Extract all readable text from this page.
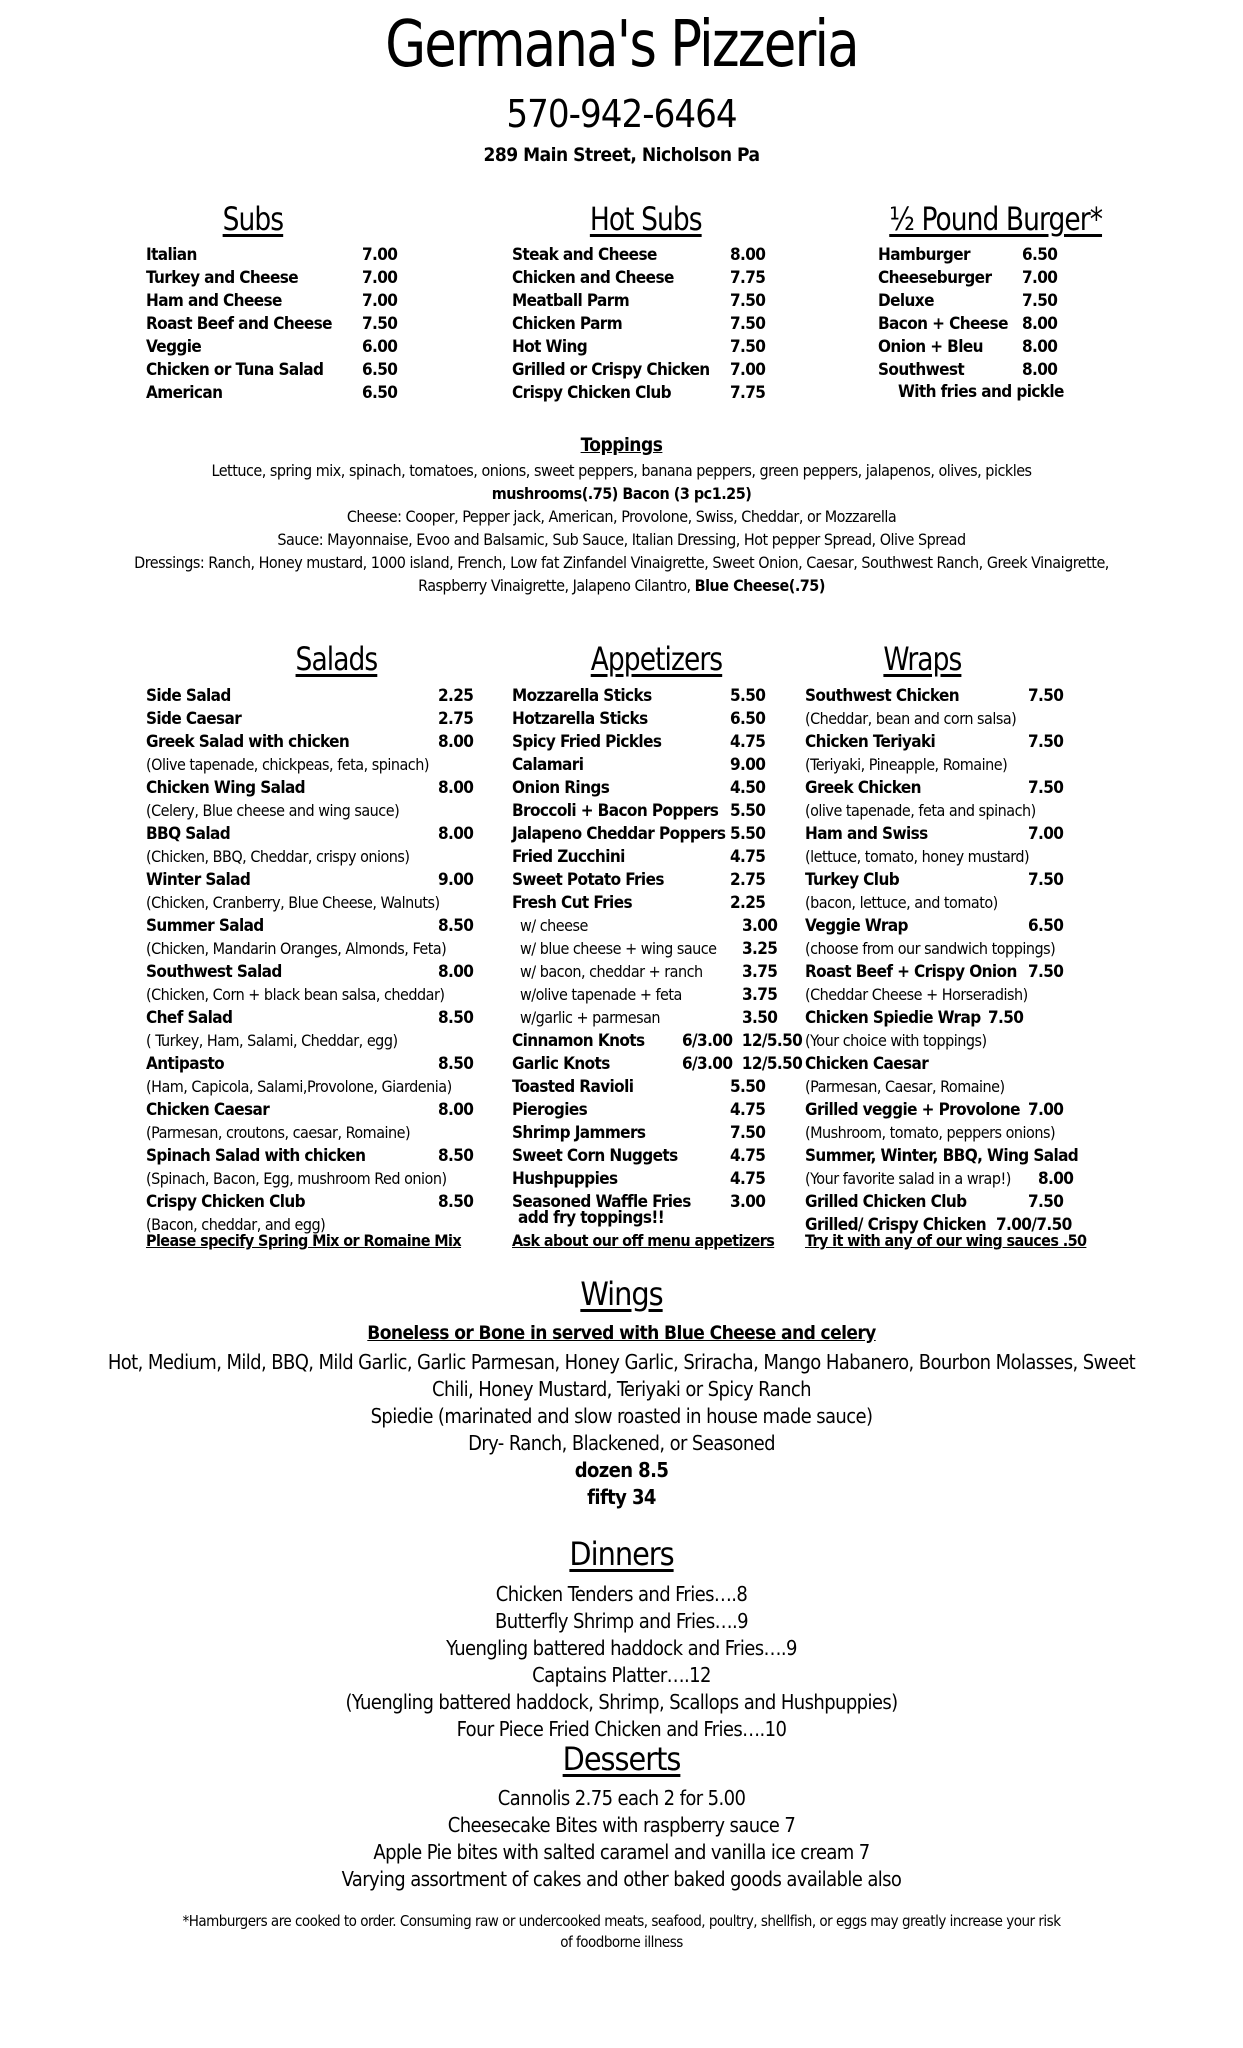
Germana's Pizzeria
570-942-6464
289 Main Street, Nicholson Pa
Subs	Hot Subs	½ Pound Burger*
Italian	7.00
Turkey and Cheese	7.00
Ham and Cheese	7.00
Roast Beef and Cheese 7.50
Veggie	6.00
Chicken or Tuna Salad 6.50
American	6.50
Steak and Cheese	8.00
Chicken and Cheese	7.75
Meatball Parm	7.50
Chicken Parm	7.50
Hot Wing	7.50
Grilled or Crispy Chicken 7.00
Crispy Chicken Club	7.75
Hamburger	6.50
Cheeseburger 7.00
Deluxe	7.50
Bacon + Cheese 8.00
Onion + Bleu 8.00
Southwest	8.00
With fries and pickle
Toppings
Lettuce, spring mix, spinach, tomatoes, onions, sweet peppers, banana peppers, green peppers, jalapenos, olives, pickles
mushrooms(.75) Bacon (3 pc1.25)
Cheese: Cooper, Pepper jack, American, Provolone, Swiss, Cheddar, or Mozzarella
Sauce: Mayonnaise, Evoo and Balsamic, Sub Sauce, Italian Dressing, Hot pepper Spread, Olive Spread
Dressings: Ranch, Honey mustard, 1000 island, French, Low fat Zinfandel Vinaigrette, Sweet Onion, Caesar, Southwest Ranch, Greek Vinaigrette,
Raspberry Vinaigrette, Jalapeno Cilantro, Blue Cheese(.75)
Salads	Appetizers	Wraps
Side Salad	2.25
Side Caesar	2.75
Greek Salad with chicken	8.00
(Olive tapenade, chickpeas, feta, spinach)
Chicken Wing Salad	8.00
(Celery, Blue cheese and wing sauce)
BBQ Salad	8.00
(Chicken, BBQ, Cheddar, crispy onions)
Winter Salad	9.00
(Chicken, Cranberry, Blue Cheese, Walnuts)
Summer Salad	8.50
(Chicken, Mandarin Oranges, Almonds, Feta)
Southwest Salad	8.00
(Chicken, Corn + black bean salsa, cheddar)
Chef Salad	8.50
( Turkey, Ham, Salami, Cheddar, egg)
Antipasto	8.50
(Ham, Capicola, Salami,Provolone, Giardenia)
Chicken Caesar	8.00
(Parmesan, croutons, caesar, Romaine)
Spinach Salad with chicken	8.50
(Spinach, Bacon, Egg, mushroom Red onion)
Crispy Chicken Club	8.50
(Bacon, cheddar, and egg)
Mozzarella Sticks	5.50
Hotzarella Sticks	6.50
Spicy Fried Pickles	4.75
Calamari	9.00
Onion Rings	4.50
Broccoli + Bacon Poppers 5.50
Jalapeno Cheddar Poppers 5.50
Fried Zucchini	4.75
Sweet Potato Fries	2.75
Fresh Cut Fries	2.25
w/ cheese	3.00
w/ blue cheese + wing sauce 3.25
w/ bacon, cheddar + ranch 3.75
w/olive tapenade + feta	3.75
w/garlic + parmesan	3.50
Cinnamon Knots 6/3.00  12/5.50
Garlic Knots	6/3.00  12/5.50
Toasted Ravioli	5.50
Pierogies	4.75
Shrimp Jammers	7.50
Sweet Corn Nuggets	4.75
Hushpuppies	4.75
Seasoned Waffle Fries 3.00
Southwest Chicken	7.50
(Cheddar, bean and corn salsa)
Chicken Teriyaki	7.50
(Teriyaki, Pineapple, Romaine)
Greek Chicken	7.50
(olive tapenade, feta and spinach)
Ham and Swiss	7.00
(lettuce, tomato, honey mustard)
Turkey Club	7.50
(bacon, lettuce, and tomato)
Veggie Wrap	6.50
(choose from our sandwich toppings)
Roast Beef + Crispy Onion 7.50
(Cheddar Cheese + Horseradish)
Chicken Spiedie Wrap 7.50
(Your choice with toppings)
Chicken Caesar
(Parmesan, Caesar, Romaine)
Grilled veggie + Provolone 7.00
(Mushroom, tomato, peppers onions)
Summer, Winter, BBQ, Wing Salad
8.00
(Your favorite salad in a wrap!)
Grilled Chicken Club	7.50
Grilled/ Crispy Chicken 7.00/7.50
Please specify Spring Mix or Romaine Mix
add fry toppings!!
Ask about our off menu appetizers Try it with any of our wing sauces .50
Wings
Boneless or Bone in served with Blue Cheese and celery
Hot, Medium, Mild, BBQ, Mild Garlic, Garlic Parmesan, Honey Garlic, Sriracha, Mango Habanero, Bourbon Molasses, Sweet
Chili, Honey Mustard, Teriyaki or Spicy Ranch
Spiedie (marinated and slow roasted in house made sauce)
Dry- Ranch, Blackened, or Seasoned
dozen 8.5
fifty 34
Dinners
Chicken Tenders and Fries….8
Butterfly Shrimp and Fries….9
Yuengling battered haddock and Fries….9
Captains Platter….12
(Yuengling battered haddock, Shrimp, Scallops and Hushpuppies)
Four Piece Fried Chicken and Fries….10
Desserts
Cannolis 2.75 each 2 for 5.00
Cheesecake Bites with raspberry sauce 7
Apple Pie bites with salted caramel and vanilla ice cream 7
Varying assortment of cakes and other baked goods available also
*Hamburgers are cooked to order. Consuming raw or undercooked meats, seafood, poultry, shellfish, or eggs may greatly increase your risk
of foodborne illness
